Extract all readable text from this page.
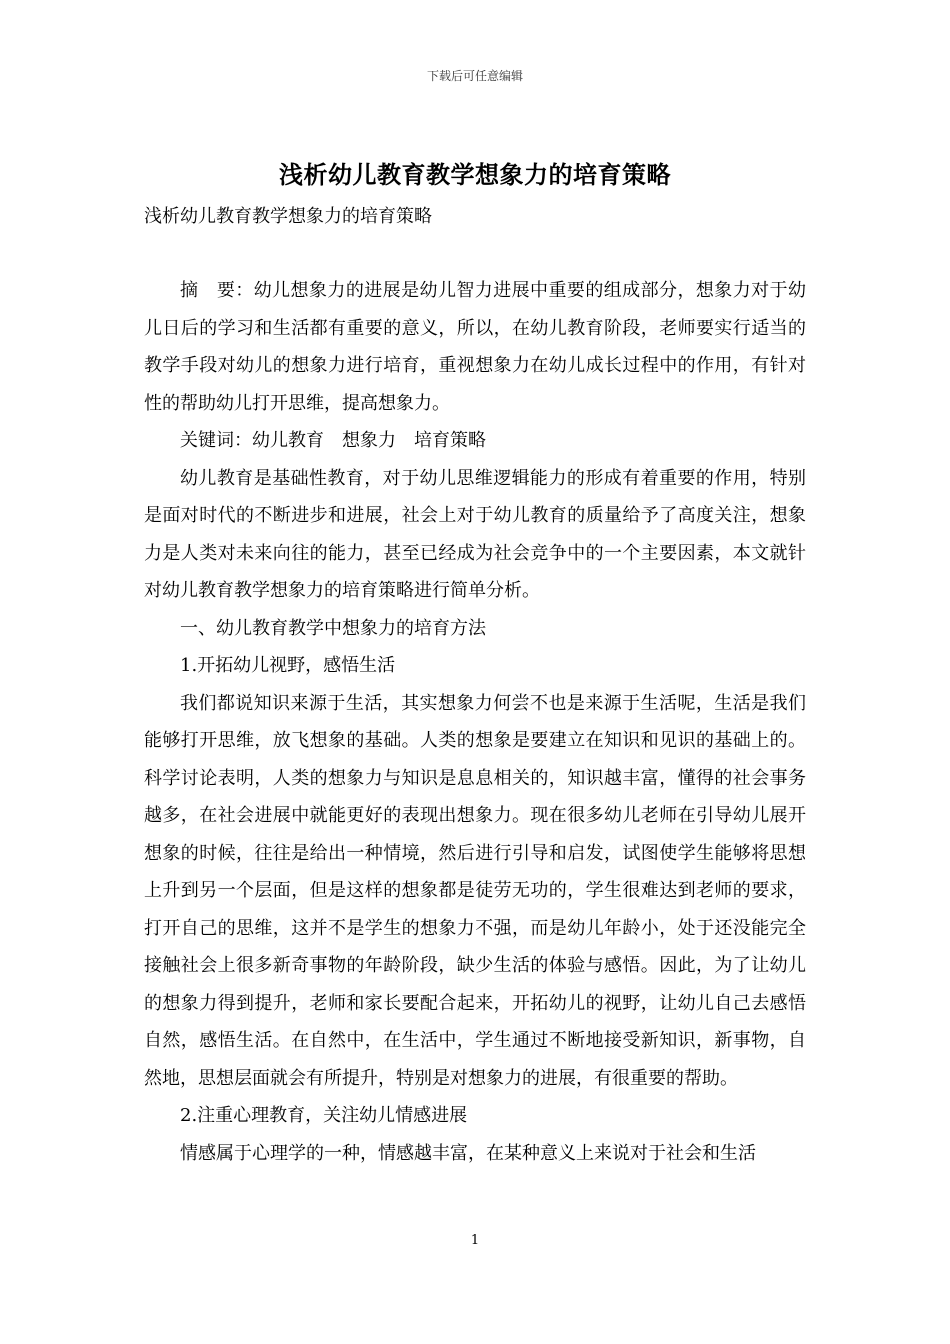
下载后可任意编辑
浅析幼儿教育教学想象力的培育策略
浅析幼儿教育教学想象力的培育策略

摘　要：幼儿想象力的进展是幼儿智力进展中重要的组成部分，想象力对于幼儿日后的学习和生活都有重要的意义，所以，在幼儿教育阶段，老师要实行适当的教学手段对幼儿的想象力进行培育，重视想象力在幼儿成长过程中的作用，有针对性的帮助幼儿打开思维，提高想象力。

关键词：幼儿教育　想象力　培育策略

幼儿教育是基础性教育，对于幼儿思维逻辑能力的形成有着重要的作用，特别是面对时代的不断进步和进展，社会上对于幼儿教育的质量给予了高度关注，想象力是人类对未来向往的能力，甚至已经成为社会竞争中的一个主要因素，本文就针对幼儿教育教学想象力的培育策略进行简单分析。

一、幼儿教育教学中想象力的培育方法

1.开拓幼儿视野，感悟生活

我们都说知识来源于生活，其实想象力何尝不也是来源于生活呢，生活是我们能够打开思维，放飞想象的基础。人类的想象是要建立在知识和见识的基础上的。科学讨论表明，人类的想象力与知识是息息相关的，知识越丰富，懂得的社会事务越多，在社会进展中就能更好的表现出想象力。现在很多幼儿老师在引导幼儿展开想象的时候，往往是给出一种情境，然后进行引导和启发，试图使学生能够将思想上升到另一个层面，但是这样的想象都是徒劳无功的，学生很难达到老师的要求，打开自己的思维，这并不是学生的想象力不强，而是幼儿年龄小，处于还没能完全接触社会上很多新奇事物的年龄阶段，缺少生活的体验与感悟。因此，为了让幼儿的想象力得到提升，老师和家长要配合起来，开拓幼儿的视野，让幼儿自己去感悟自然，感悟生活。在自然中，在生活中，学生通过不断地接受新知识，新事物，自然地，思想层面就会有所提升，特别是对想象力的进展，有很重要的帮助。

2.注重心理教育，关注幼儿情感进展

情感属于心理学的一种，情感越丰富，在某种意义上来说对于社会和生活

1
